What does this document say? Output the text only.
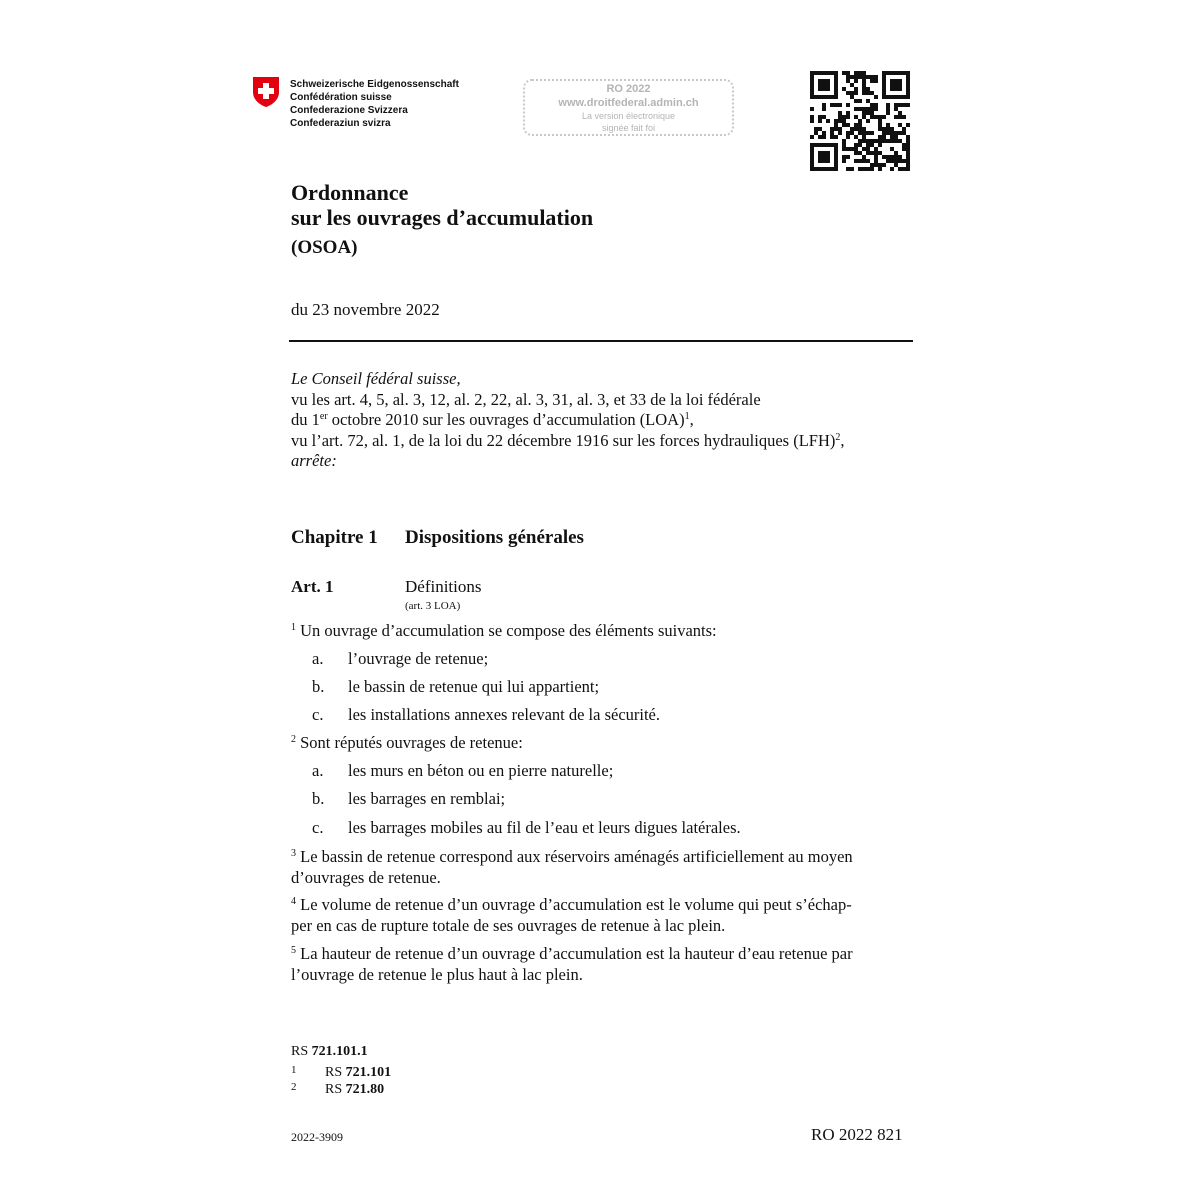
Schweizerische Eidgenossenschaft
Confédération suisse
Confederazione Svizzera
Confederaziun svizra
RO 2022
www.droitfederal.admin.ch
La version électronique
signée fait foi
Ordonnance
sur les ouvrages d’accumulation
(OSOA)
du 23 novembre 2022
Le Conseil fédéral suisse,
vu les art. 4, 5, al. 3, 12, al. 2, 22, al. 3, 31, al. 3, et 33 de la loi fédérale
du 1er octobre 2010 sur les ouvrages d’accumulation (LOA)$^1$,
vu l’art. 72, al. 1, de la loi du 22 décembre 1916 sur les forces hydrauliques (LFH)$^2$,
arrête:
Chapitre 1 Dispositions générales
Art. 1	Définitions
(art. 3 LOA)
$^1$ Un ouvrage d’accumulation se compose des éléments suivants:
a. l’ouvrage de retenue;
b. le bassin de retenue qui lui appartient;
c. les installations annexes relevant de la sécurité.
$^2$ Sont réputés ouvrages de retenue:
a. les murs en béton ou en pierre naturelle;
b. les barrages en remblai;
c. les barrages mobiles au fil de l’eau et leurs digues latérales.
$^3$ Le bassin de retenue correspond aux réservoirs aménagés artificiellement au moyen
d’ouvrages de retenue.
$^4$ Le volume de retenue d’un ouvrage d’accumulation est le volume qui peut s’échap-
per en cas de rupture totale de ses ouvrages de retenue à lac plein.
$^5$ La hauteur de retenue d’un ouvrage d’accumulation est la hauteur d’eau retenue par
l’ouvrage de retenue le plus haut à lac plein.
RS 721.101.1
1 RS 721.101
2 RS 721.80
2022-3909	RO 2022 821
